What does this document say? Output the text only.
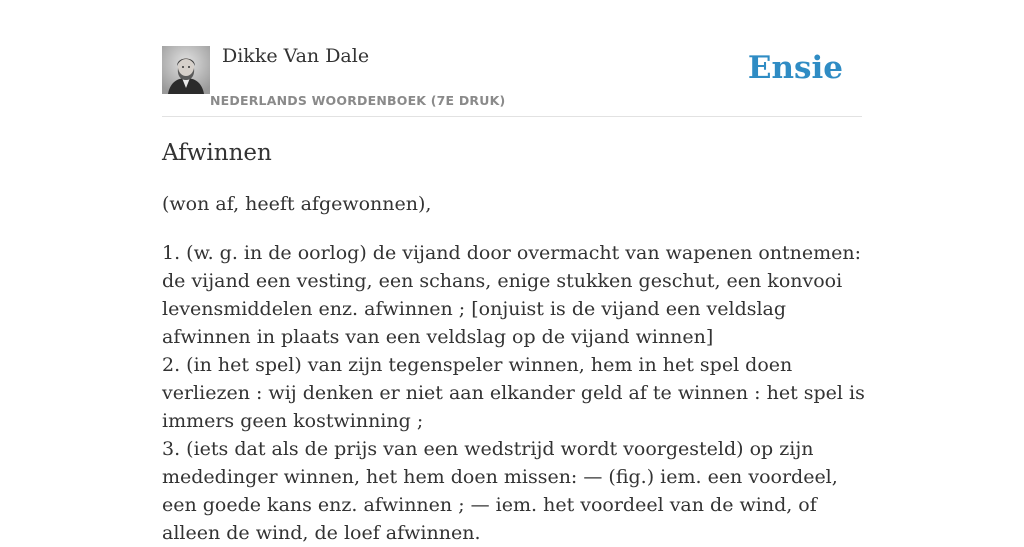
Dikke Van Dale
NEDERLANDS WOORDENBOEK (7E DRUK)
Ensie
Afwinnen

(won af, heeft afgewonnen),

1. (w. g. in de oorlog) de vijand door overmacht van wapenen ontnemen: de vijand een vesting, een schans, enige stukken geschut, een konvooi levensmiddelen enz. afwinnen ; [onjuist is de vijand een veldslag afwinnen in plaats van een veldslag op de vijand winnen]

2. (in het spel) van zijn tegenspeler winnen, hem in het spel doen verliezen : wij denken er niet aan elkander geld af te winnen : het spel is immers geen kostwinning ;

3. (iets dat als de prijs van een wedstrijd wordt voorgesteld) op zijn mededinger winnen, het hem doen missen: — (fig.) iem. een voordeel, een goede kans enz. afwinnen ; — iem. het voordeel van de wind, of alleen de wind, de loef afwinnen.
